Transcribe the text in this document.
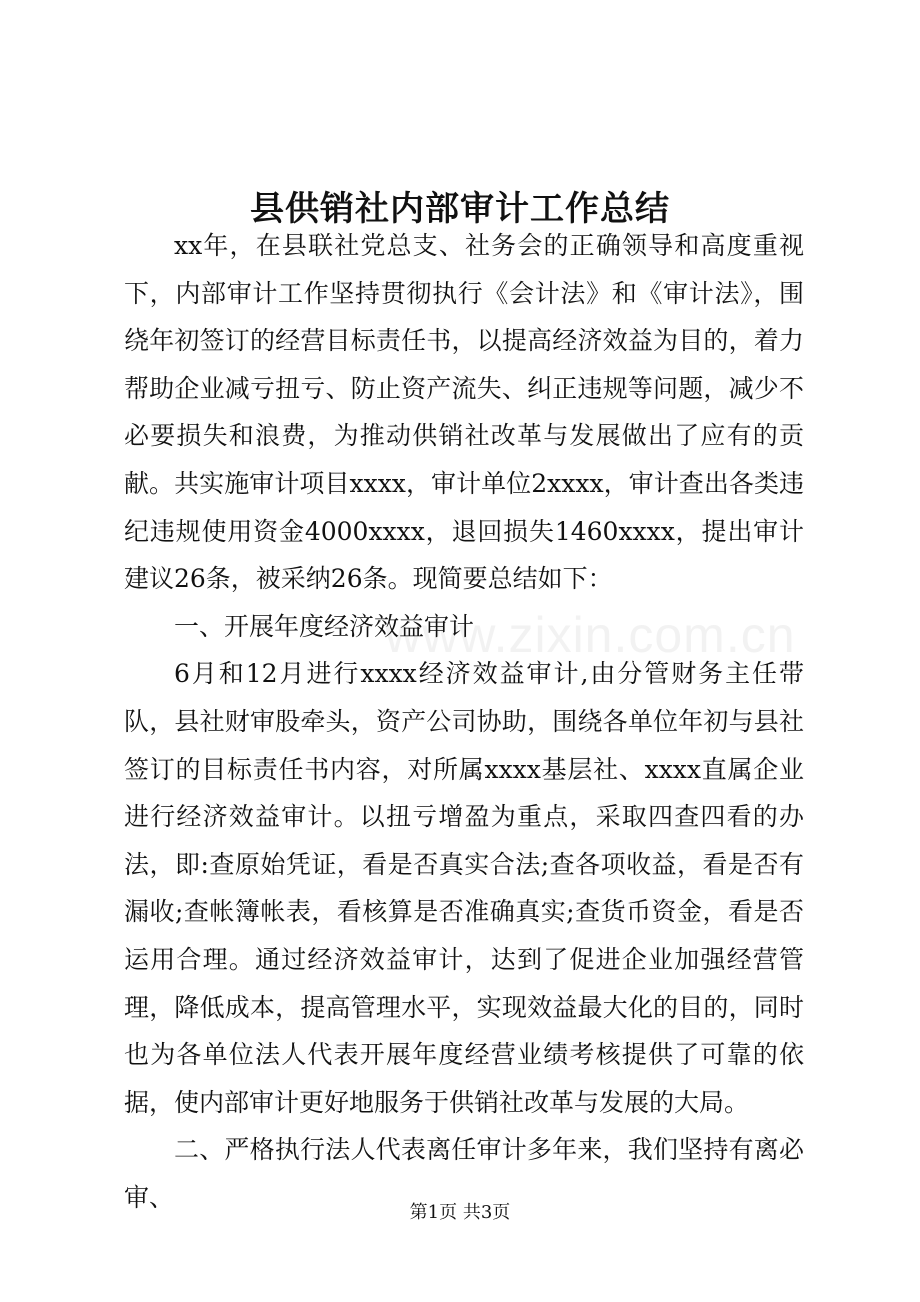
www.zixin.com.cn
县供销社内部审计工作总结

xx年，在县联社党总支、社务会的正确领导和高度重视下，内部审计工作坚持贯彻执行《会计法》和《审计法》，围绕年初签订的经营目标责任书，以提高经济效益为目的，着力帮助企业减亏扭亏、防止资产流失、纠正违规等问题，减少不必要损失和浪费，为推动供销社改革与发展做出了应有的贡献。共实施审计项目xxxx，审计单位2xxxx，审计查出各类违纪违规使用资金4000xxxx，退回损失1460xxxx，提出审计建议26条，被采纳26条。现简要总结如下：

一、开展年度经济效益审计

6月和12月进行xxxx经济效益审计,由分管财务主任带队，县社财审股牵头，资产公司协助，围绕各单位年初与县社签订的目标责任书内容，对所属xxxx基层社、xxxx直属企业进行经济效益审计。以扭亏增盈为重点，采取四查四看的办法，即:查原始凭证，看是否真实合法;查各项收益，看是否有漏收;查帐簿帐表，看核算是否准确真实;查货币资金，看是否运用合理。通过经济效益审计，达到了促进企业加强经营管理，降低成本，提高管理水平，实现效益最大化的目的，同时也为各单位法人代表开展年度经营业绩考核提供了可靠的依据，使内部审计更好地服务于供销社改革与发展的大局。

二、严格执行法人代表离任审计多年来，我们坚持有离必审、

第1页 共3页
